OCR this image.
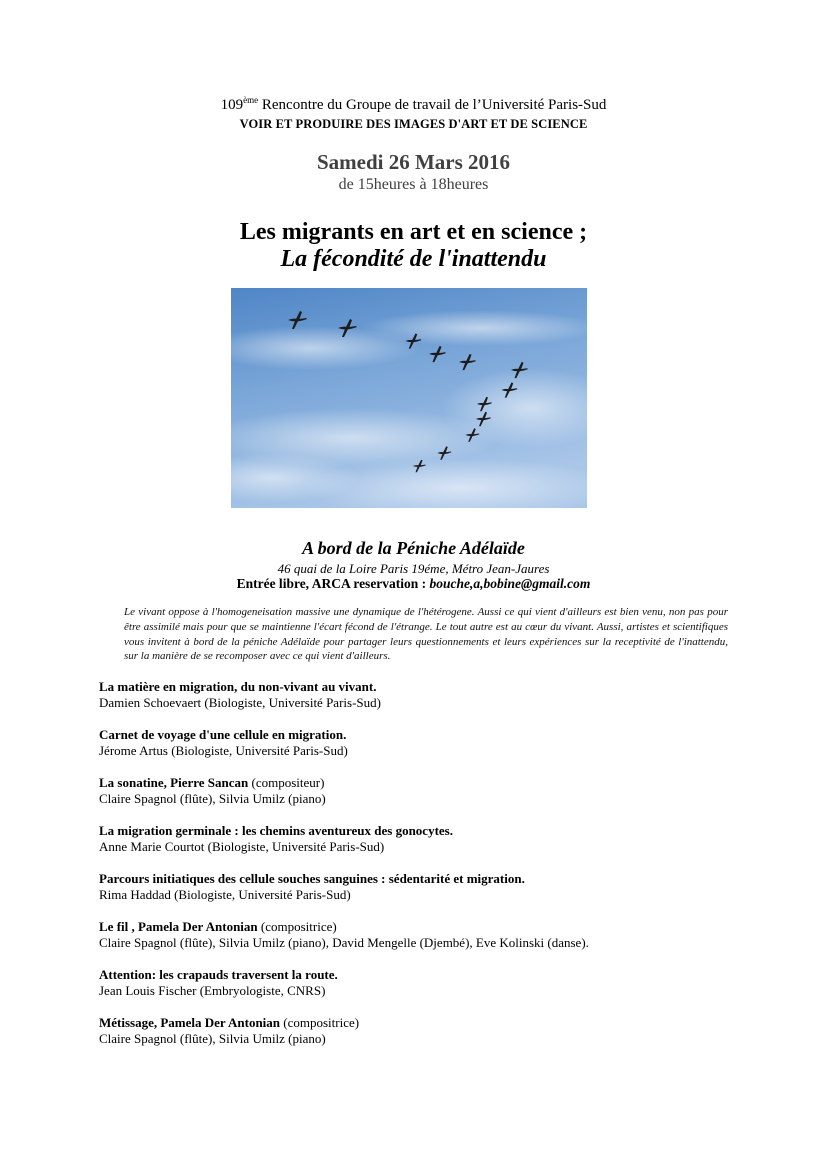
109ème Rencontre du Groupe de travail de l’Université Paris-Sud
VOIR ET PRODUIRE DES IMAGES D'ART ET DE SCIENCE
Samedi 26 Mars 2016
de 15heures à 18heures
Les migrants en art et en science ;
La fécondité de l'inattendu
A bord de la Péniche Adélaïde
46 quai de la Loire Paris 19éme, Métro Jean-Jaures
Entrée libre, ARCA reservation : bouche,a,bobine@gmail.com
Le vivant oppose à l'homogeneisation massive une dynamique de l'hétérogene. Aussi ce qui vient d'ailleurs est bien venu, non pas pour être assimilé mais pour que se maintienne l'écart fécond de l'étrange. Le tout autre est au cœur du vivant. Aussi, artistes et scientifiques vous invitent à bord de la péniche Adélaïde pour partager leurs questionnements et leurs expériences sur la receptivité de l'inattendu, sur la manière de se recomposer avec ce qui vient d'ailleurs.
La matière en migration, du non-vivant au vivant.
Damien Schoevaert (Biologiste, Université Paris-Sud)
Carnet de voyage d'une cellule en migration.
Jérome Artus (Biologiste, Université Paris-Sud)
La sonatine, Pierre Sancan (compositeur)
Claire Spagnol (flûte), Silvia Umilz (piano)
La migration germinale : les chemins aventureux des gonocytes.
Anne Marie Courtot (Biologiste, Université Paris-Sud)
Parcours initiatiques des cellule souches sanguines : sédentarité et migration.
Rima Haddad (Biologiste, Université Paris-Sud)
Le fil , Pamela Der Antonian (compositrice)
Claire Spagnol (flûte), Silvia Umilz (piano), David Mengelle (Djembé), Eve Kolinski (danse).
Attention: les crapauds traversent la route.
Jean Louis Fischer (Embryologiste, CNRS)
Métissage, Pamela Der Antonian (compositrice)
Claire Spagnol (flûte), Silvia Umilz (piano)
